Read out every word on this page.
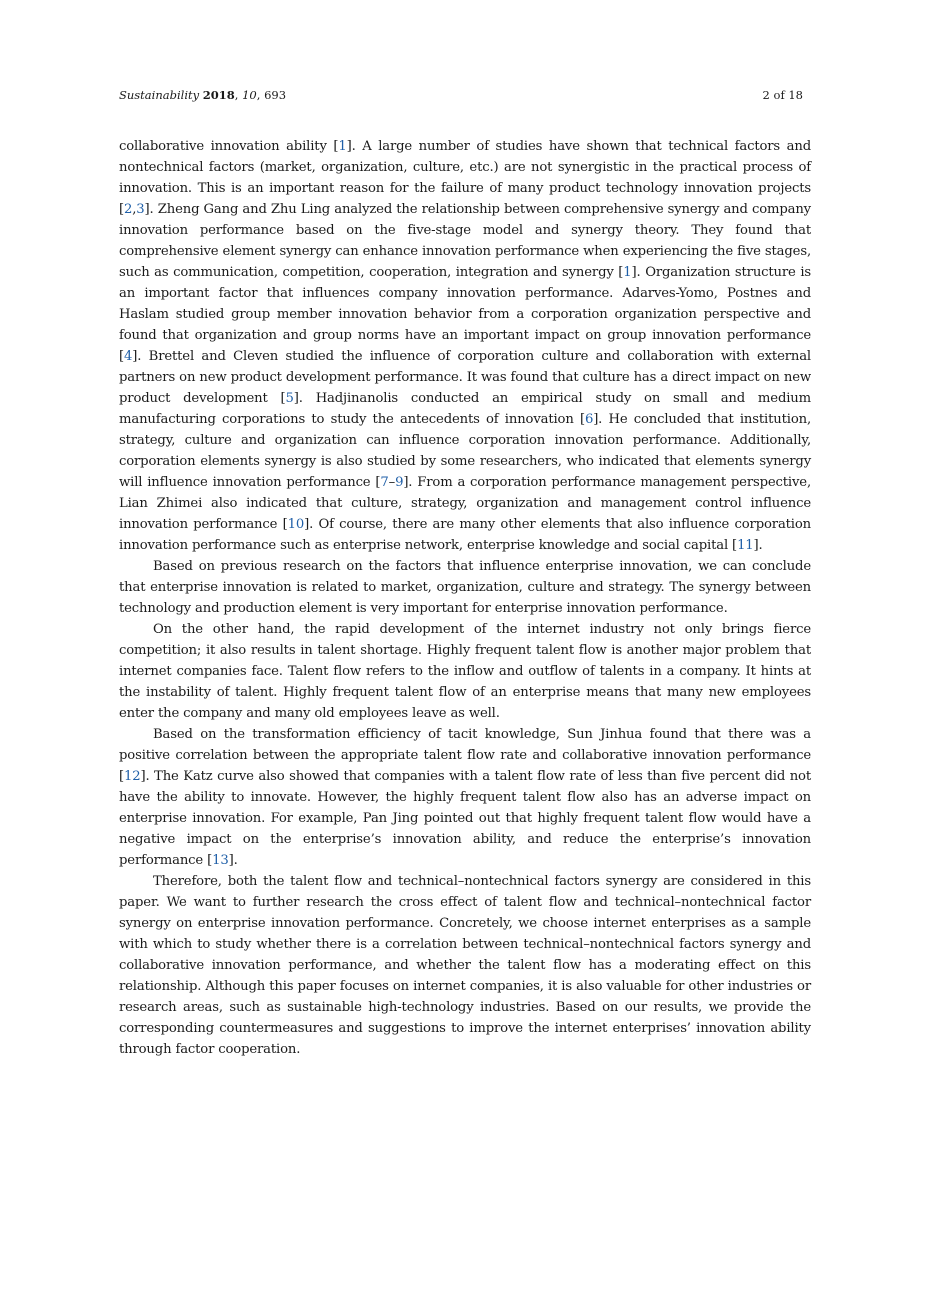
Sustainability 2018, 10, 693	2 of 18

collaborative innovation ability [1]. A large number of studies have shown that technical factors and nontechnical factors (market, organization, culture, etc.) are not synergistic in the practical process of innovation. This is an important reason for the failure of many product technology innovation projects [2,3]. Zheng Gang and Zhu Ling analyzed the relationship between comprehensive synergy and company innovation performance based on the five-stage model and synergy theory. They found that comprehensive element synergy can enhance innovation performance when experiencing the five stages, such as communication, competition, cooperation, integration and synergy [1]. Organization structure is an important factor that influences company innovation performance. Adarves-Yomo, Postnes and Haslam studied group member innovation behavior from a corporation organization perspective and found that organization and group norms have an important impact on group innovation performance [4]. Brettel and Cleven studied the influence of corporation culture and collaboration with external partners on new product development performance. It was found that culture has a direct impact on new product development [5]. Hadjinanolis conducted an empirical study on small and medium manufacturing corporations to study the antecedents of innovation [6]. He concluded that institution, strategy, culture and organization can influence corporation innovation performance. Additionally, corporation elements synergy is also studied by some researchers, who indicated that elements synergy will influence innovation performance [7–9]. From a corporation performance management perspective, Lian Zhimei also indicated that culture, strategy, organization and management control influence innovation performance [10]. Of course, there are many other elements that also influence corporation innovation performance such as enterprise network, enterprise knowledge and social capital [11].

Based on previous research on the factors that influence enterprise innovation, we can conclude that enterprise innovation is related to market, organization, culture and strategy. The synergy between technology and production element is very important for enterprise innovation performance.

On the other hand, the rapid development of the internet industry not only brings fierce competition; it also results in talent shortage. Highly frequent talent flow is another major problem that internet companies face. Talent flow refers to the inflow and outflow of talents in a company. It hints at the instability of talent. Highly frequent talent flow of an enterprise means that many new employees enter the company and many old employees leave as well.

Based on the transformation efficiency of tacit knowledge, Sun Jinhua found that there was a positive correlation between the appropriate talent flow rate and collaborative innovation performance [12]. The Katz curve also showed that companies with a talent flow rate of less than five percent did not have the ability to innovate. However, the highly frequent talent flow also has an adverse impact on enterprise innovation. For example, Pan Jing pointed out that highly frequent talent flow would have a negative impact on the enterprise’s innovation ability, and reduce the enterprise’s innovation performance [13].

Therefore, both the talent flow and technical–nontechnical factors synergy are considered in this paper. We want to further research the cross effect of talent flow and technical–nontechnical factor synergy on enterprise innovation performance. Concretely, we choose internet enterprises as a sample with which to study whether there is a correlation between technical–nontechnical factors synergy and collaborative innovation performance, and whether the talent flow has a moderating effect on this relationship. Although this paper focuses on internet companies, it is also valuable for other industries or research areas, such as sustainable high-technology industries. Based on our results, we provide the corresponding countermeasures and suggestions to improve the internet enterprises’ innovation ability through factor cooperation.
